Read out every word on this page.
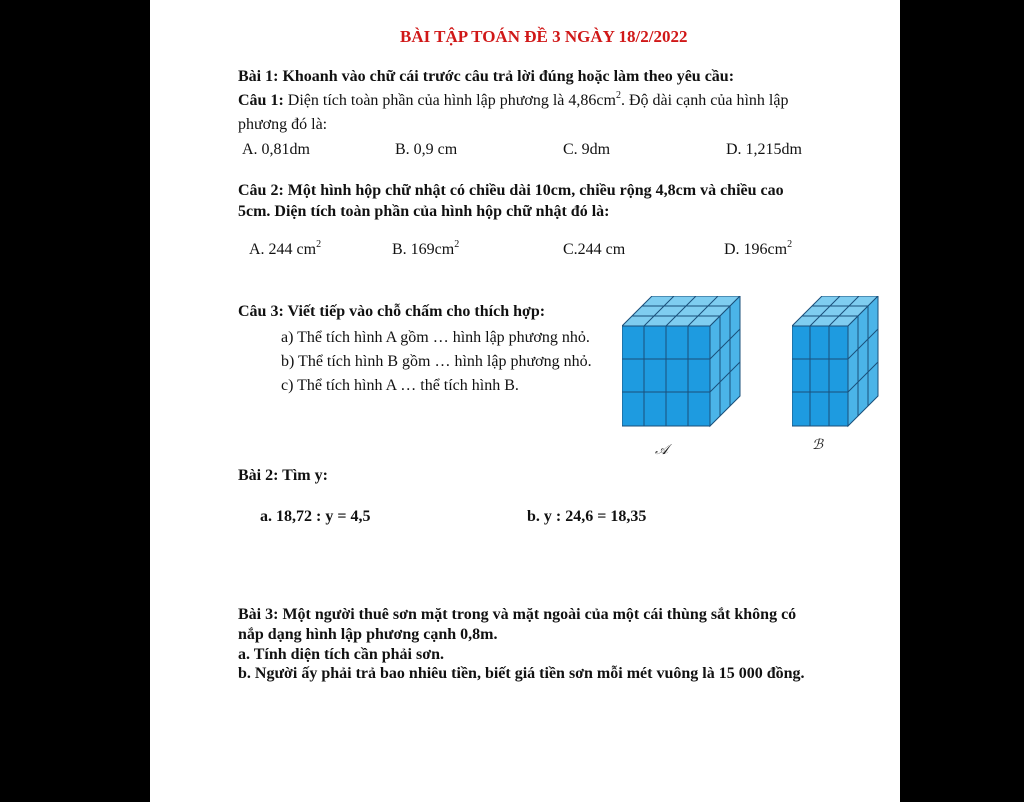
BÀI TẬP TOÁN ĐỀ 3 NGÀY 18/2/2022
Bài 1: Khoanh vào chữ cái trước câu trả lời đúng hoặc làm theo yêu cầu:
Câu 1: Diện tích toàn phần của hình lập phương là $4,86cm^2$. Độ dài cạnh của hình lập
phương đó là:
A. 0,81dm	B. 0,9 cm	C. 9dm	D. 1,215dm
Câu 2: Một hình hộp chữ nhật có chiều dài 10cm, chiều rộng 4,8cm và chiều cao
5cm. Diện tích toàn phần của hình hộp chữ nhật đó là:
A. 244 $cm^2$	B. $169cm^2$	C.244 cm	D. $196cm^2$
Câu 3: Viết tiếp vào chỗ chấm cho thích hợp:
a) Thể tích hình A gồm … hình lập phương nhỏ.
b) Thể tích hình B gồm … hình lập phương nhỏ.
c) Thể tích hình A … thể tích hình B.
𝒜	ℬ
Bài 2: Tìm y:
a. 18,72 : y = 4,5	b. y : 24,6 = 18,35
Bài 3: Một người thuê sơn mặt trong và mặt ngoài của một cái thùng sắt không có
nắp dạng hình lập phương cạnh 0,8m.
a. Tính diện tích cần phải sơn.
b. Người ấy phải trả bao nhiêu tiền, biết giá tiền sơn mỗi mét vuông là 15 000 đồng.
